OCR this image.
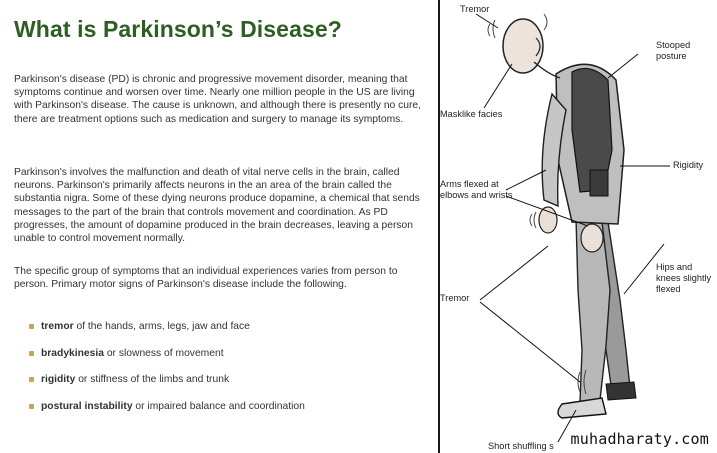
What is Parkinson’s Disease?

Parkinson's disease (PD) is chronic and progressive movement disorder, meaning that symptoms continue and worsen over time. Nearly one million people in the US are living with Parkinson's disease. The cause is unknown, and although there is presently no cure, there are treatment options such as medication and surgery to manage its symptoms.

Parkinson's involves the malfunction and death of vital nerve cells in the brain, called neurons. Parkinson's primarily affects neurons in the an area of the brain called the substantia nigra. Some of these dying neurons produce dopamine, a chemical that sends messages to the part of the brain that controls movement and coordination. As PD progresses, the amount of dopamine produced in the brain decreases, leaving a person unable to control movement normally.

The specific group of symptoms that an individual experiences varies from person to person. Primary motor signs of Parkinson's disease include the following.

tremor of the hands, arms, legs, jaw and face
bradykinesia or slowness of movement
rigidity or stiffness of the limbs and trunk
postural instability or impaired balance and coordination
Tremor
Stooped
posture
Masklike facies
Rigidity
Arms flexed at
elbows and wrists
Hips and
knees slightly
flexed
Tremor
Short shuffling s muhadharaty.com
